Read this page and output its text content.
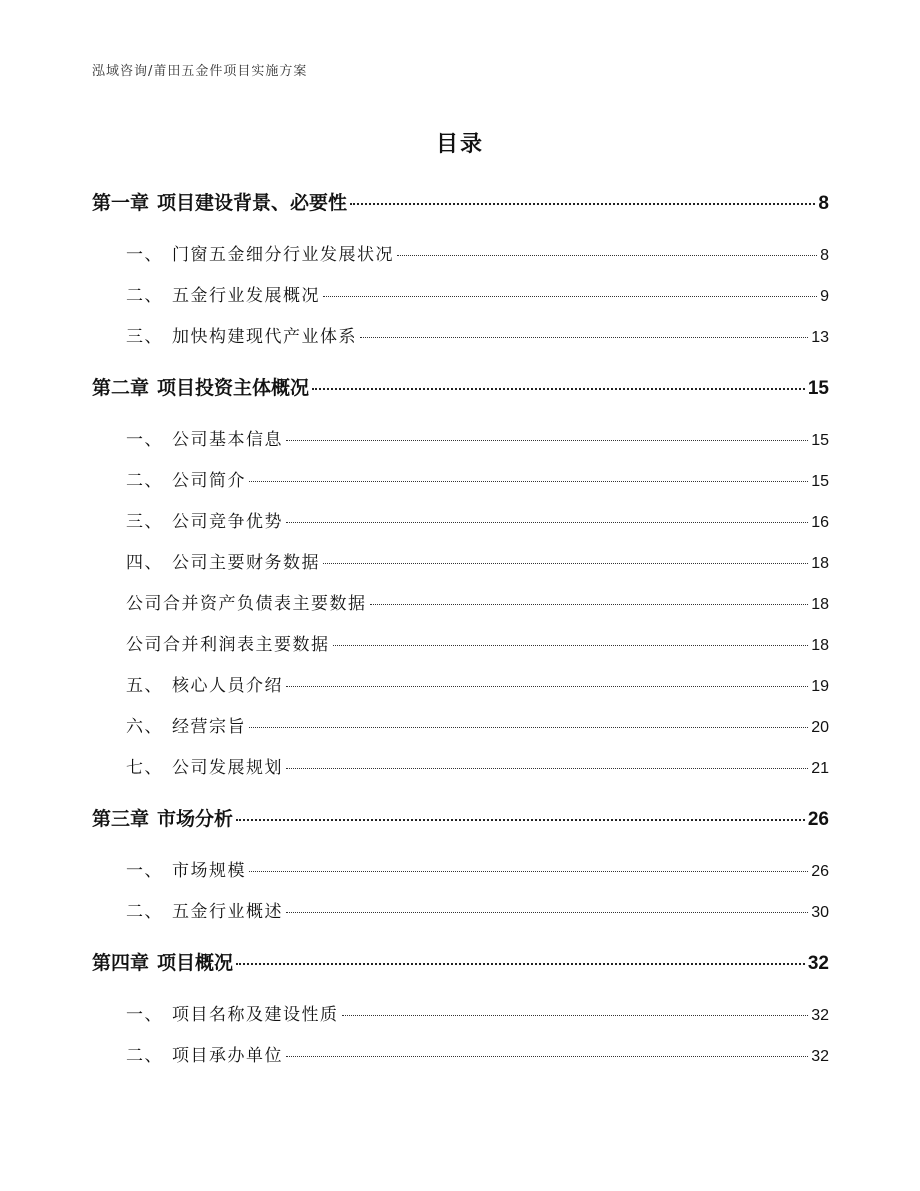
泓域咨询/莆田五金件项目实施方案
目录
第一章 项目建设背景、必要性	8
一、 门窗五金细分行业发展状况	8
二、 五金行业发展概况	9
三、 加快构建现代产业体系	13
第二章 项目投资主体概况	15
一、 公司基本信息	15
二、 公司简介	15
三、 公司竞争优势	16
四、 公司主要财务数据	18
公司合并资产负债表主要数据	18
公司合并利润表主要数据	18
五、 核心人员介绍	19
六、 经营宗旨	20
七、 公司发展规划	21
第三章 市场分析	26
一、 市场规模	26
二、 五金行业概述	30
第四章 项目概况	32
一、 项目名称及建设性质	32
二、 项目承办单位	32
